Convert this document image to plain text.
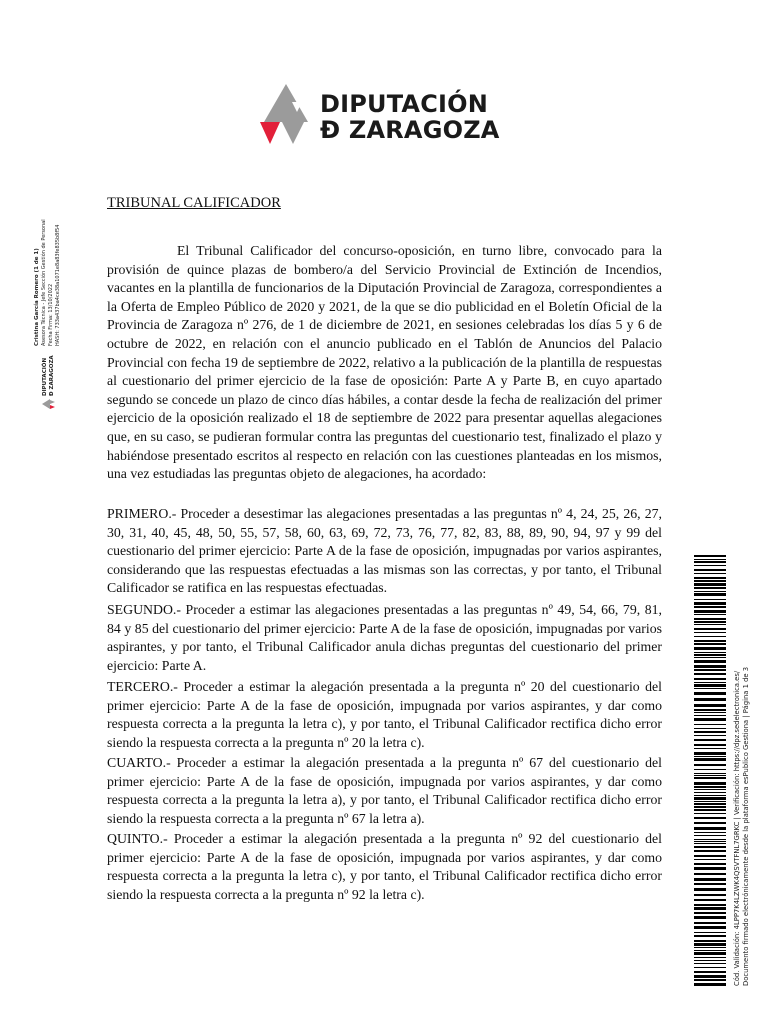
DIPUTACIÓN
Ð ZARAGOZA
DIPUTACIÓN Ð ZARAGOZA
Cristina García Romero (1 de 1) Asesora Técnica - Jefe Sección Gestión de Personal Fecha Firma: 13/10/2022 HASH: 733a437ba4ce38a1071e8a83fe835b8f54
TRIBUNAL CALIFICADOR
El Tribunal Calificador del concurso-oposición, en turno libre, convocado para la provisión de quince plazas de bombero/a del Servicio Provincial de Extinción de Incendios, vacantes en la plantilla de funcionarios de la Diputación Provincial de Zaragoza, correspondientes a la Oferta de Empleo Público de 2020 y 2021, de la que se dio publicidad en el Boletín Oficial de la Provincia de Zaragoza nº 276, de 1 de diciembre de 2021, en sesiones celebradas los días 5 y 6 de octubre de 2022, en relación con el anuncio publicado en el Tablón de Anuncios del Palacio Provincial con fecha 19 de septiembre de 2022, relativo a la publicación de la plantilla de respuestas al cuestionario del primer ejercicio de la fase de oposición: Parte A y Parte B, en cuyo apartado segundo se concede un plazo de cinco días hábiles, a contar desde la fecha de realización del primer ejercicio de la oposición realizado el 18 de septiembre de 2022 para presentar aquellas alegaciones que, en su caso, se pudieran formular contra las preguntas del cuestionario test, finalizado el plazo y habiéndose presentado escritos al respecto en relación con las cuestiones planteadas en los mismos, una vez estudiadas las preguntas objeto de alegaciones, ha acordado:
PRIMERO.- Proceder a desestimar las alegaciones presentadas a las preguntas nº 4, 24, 25, 26, 27, 30, 31, 40, 45, 48, 50, 55, 57, 58, 60, 63, 69, 72, 73, 76, 77, 82, 83, 88, 89, 90, 94, 97 y 99 del cuestionario del primer ejercicio: Parte A de la fase de oposición, impugnadas por varios aspirantes, considerando que las respuestas efectuadas a las mismas son las correctas, y por tanto, el Tribunal Calificador se ratifica en las respuestas efectuadas.
SEGUNDO.- Proceder a estimar las alegaciones presentadas a las preguntas nº 49, 54, 66, 79, 81, 84 y 85 del cuestionario del primer ejercicio: Parte A de la fase de oposición, impugnadas por varios aspirantes, y por tanto, el Tribunal Calificador anula dichas preguntas del cuestionario del primer ejercicio: Parte A.
TERCERO.- Proceder a estimar la alegación presentada a la pregunta nº 20 del cuestionario del primer ejercicio: Parte A de la fase de oposición, impugnada por varios aspirantes, y dar como respuesta correcta a la pregunta la letra c), y por tanto, el Tribunal Calificador rectifica dicho error siendo la respuesta correcta a la pregunta nº 20 la letra c).
CUARTO.- Proceder a estimar la alegación presentada a la pregunta nº 67 del cuestionario del primer ejercicio: Parte A de la fase de oposición, impugnada por varios aspirantes, y dar como respuesta correcta a la pregunta la letra a), y por tanto, el Tribunal Calificador rectifica dicho error siendo la respuesta correcta a la pregunta nº 67 la letra a).
QUINTO.- Proceder a estimar la alegación presentada a la pregunta nº 92 del cuestionario del primer ejercicio: Parte A de la fase de oposición, impugnada por varios aspirantes, y dar como respuesta correcta a la pregunta la letra c), y por tanto, el Tribunal Calificador rectifica dicho error siendo la respuesta correcta a la pregunta nº 92 la letra c).	Cód. Validación: 4LPP7K4LZWK4QSVTFNL7GRKC | Verificación: https://dpz.sedelectronica.es/ Documento firmado electrónicamente desde la plataforma esPublico Gestiona | Página 1 de 3
